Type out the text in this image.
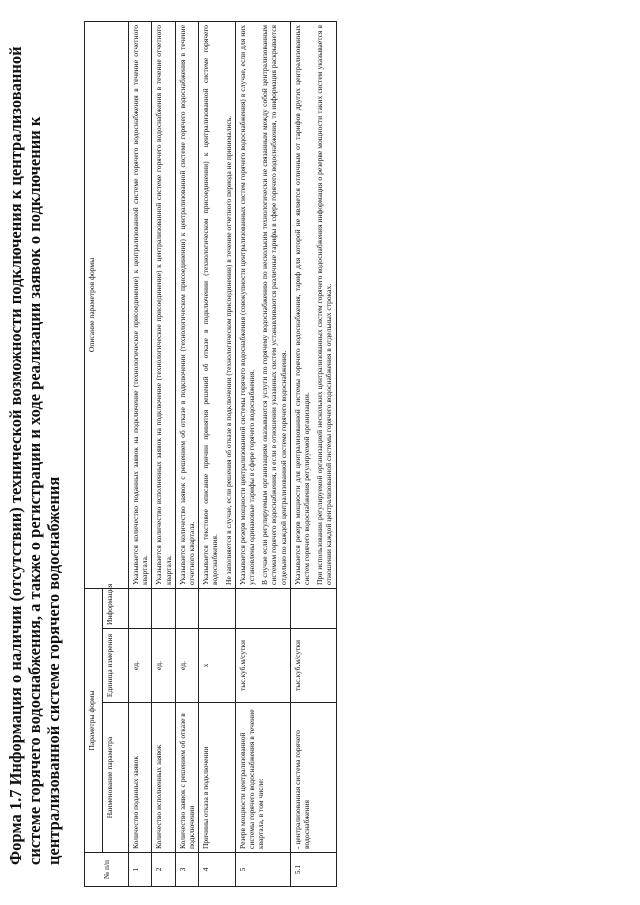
Форма 1.7 Информация о наличии (отсутствии) технической возможности подключения к централизованной системе горячего водоснабжения, а также о регистрации и ходе реализации заявок о подключении к централизованной системе горячего водоснабжения
№ п/п	Параметры формы			Описание параметров формы
	Наименование параметра	Единица измерения	Информация	
1	Количество поданных заявок	ед.		Указывается количество поданных заявок на подключение (технологическое присоединение) к централизованной системе горячего водоснабжения в течение отчетного квартала.

2	Количество исполненных заявок	ед.		Указывается количество исполненных заявок на подключение (технологическое присоединение) к централизованной системе горячего водоснабжения в течение отчетного квартала.

3	Количество заявок с решением об отказе в подключении	ед.		Указывается количество заявок с решением об отказе в подключении (технологическом присоединении) к централизованной системе горячего водоснабжения в течение отчетного квартала.

4	Причины отказа в подключении	x		Указывается текстовое описание причин принятия решений об отказе в подключении (технологическом присоединении) к централизованной системе горячего водоснабжения. Не заполняется в случае, если решения об отказе в подключении (технологическом присоединении) в течение отчетного периода не принимались.

5	Резерв мощности централизованной системы горячего водоснабжения в течение квартала, в том числе:	тыс.куб.м/сутки		Указывается резерв мощности централизованной системы горячего водоснабжения (совокупности централизованных систем горячего водоснабжения) в случае, если для них установлены одинаковые тарифы в сфере горячего водоснабжения. В случае если регулируемым организациям оказываются услуги по горячему водоснабжению по нескольким технологически не связанным между собой централизованным системам горячего водоснабжения, и если в отношении указанных систем устанавливаются различные тарифы в сфере горячего водоснабжения, то информация раскрывается отдельно по каждой централизованной системе горячего водоснабжения.

5.1	- централизованная система горячего водоснабжения	тыс.куб.м/сутки		Указывается резерв мощности для централизованной системы горячего водоснабжения, тариф для которой не является отличным от тарифов других централизованных систем горячего водоснабжения регулируемой организации. При использовании регулируемой организацией нескольких централизованных систем горячего водоснабжения информация о резерве мощности таких систем указывается в отношении каждой централизованной системы горячего водоснабжения в отдельных строках.
